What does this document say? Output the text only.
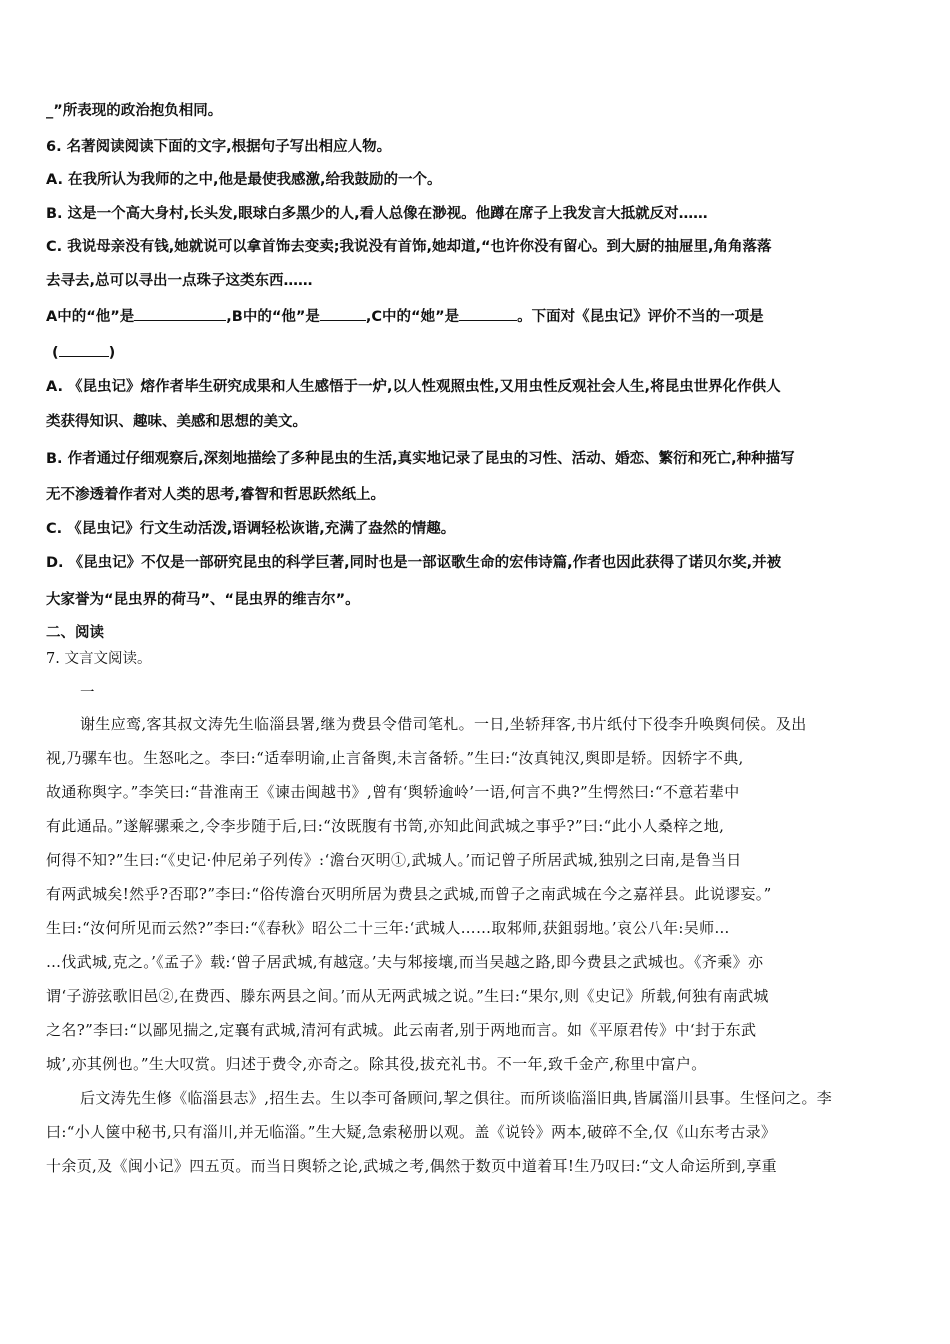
_”所表现的政治抱负相同。
6. 名著阅读阅读下面的文字,根据句子写出相应人物。
A. 在我所认为我师的之中,他是最使我感激,给我鼓励的一个。
B. 这是一个高大身村,长头发,眼球白多黑少的人,看人总像在渺视。他蹲在席子上我发言大抵就反对……
C. 我说母亲没有钱,她就说可以拿首饰去变卖;我说没有首饰,她却道,“也许你没有留心。到大厨的抽屉里,角角落落
去寻去,总可以寻出一点珠子这类东西……
A中的“他”是	,B中的“他”是	,C中的“她”是	。下面对《昆虫记》评价不当的一项是
(	)
A. 《昆虫记》熔作者毕生研究成果和人生感悟于一炉,以人性观照虫性,又用虫性反观社会人生,将昆虫世界化作供人
类获得知识、趣味、美感和思想的美文。
B. 作者通过仔细观察后,深刻地描绘了多种昆虫的生活,真实地记录了昆虫的习性、活动、婚恋、繁衍和死亡,种种描写
无不渗透着作者对人类的思考,睿智和哲思跃然纸上。
C. 《昆虫记》行文生动活泼,语调轻松诙谐,充满了盎然的情趣。
D. 《昆虫记》不仅是一部研究昆虫的科学巨著,同时也是一部讴歌生命的宏伟诗篇,作者也因此获得了诺贝尔奖,并被
大家誉为“昆虫界的荷马”、“昆虫界的维吉尔”。
二、阅读
7. 文言文阅读。
一
谢生应鸾,客其叔文涛先生临淄县署,继为费县令借司笔札。一日,坐轿拜客,书片纸付下役李升唤舆伺侯。及出
视,乃骡车也。生怒叱之。李曰:“适奉明谕,止言备舆,未言备轿。”生曰:“汝真钝汉,舆即是轿。因轿字不典,
故通称舆字。”李笑曰:“昔淮南王《谏击闽越书》,曾有‘舆轿逾岭’一语,何言不典?”生愕然曰:“不意若辈中
有此通品。”遂解骡乘之,令李步随于后,曰:“汝既腹有书笥,亦知此间武城之事乎?”曰:“此小人桑梓之地,
何得不知?”生曰:“《史记·仲尼弟子列传》:‘澹台灭明①,武城人。’而记曾子所居武城,独别之曰南,是鲁当日
有两武城矣!然乎?否耶?”李曰:“俗传澹台灭明所居为费县之武城,而曾子之南武城在今之嘉祥县。此说谬妄。”
生曰:“汝何所见而云然?”李曰:“《春秋》昭公二十三年:‘武城人……取邾师,获鉏弱地。’哀公八年:吴师…
…伐武城,克之。’《孟子》载:‘曾子居武城,有越寇。’夫与邾接壤,而当吴越之路,即今费县之武城也。《齐乘》亦
谓‘子游弦歌旧邑②,在费西、滕东两县之间。’而从无两武城之说。”生曰:“果尔,则《史记》所载,何独有南武城
之名?”李曰:“以鄙见揣之,定襄有武城,清河有武城。此云南者,别于两地而言。如《平原君传》中‘封于东武
城’,亦其例也。”生大叹赏。归述于费令,亦奇之。除其役,拔充礼书。不一年,致千金产,称里中富户。
后文涛先生修《临淄县志》,招生去。生以李可备顾问,挈之俱往。而所谈临淄旧典,皆属淄川县事。生怪问之。李
曰:“小人箧中秘书,只有淄川,并无临淄。”生大疑,急索秘册以观。盖《说铃》两本,破碎不全,仅《山东考古录》
十余页,及《闽小记》四五页。而当日舆轿之论,武城之考,偶然于数页中道着耳!生乃叹曰:“文人命运所到,享重
